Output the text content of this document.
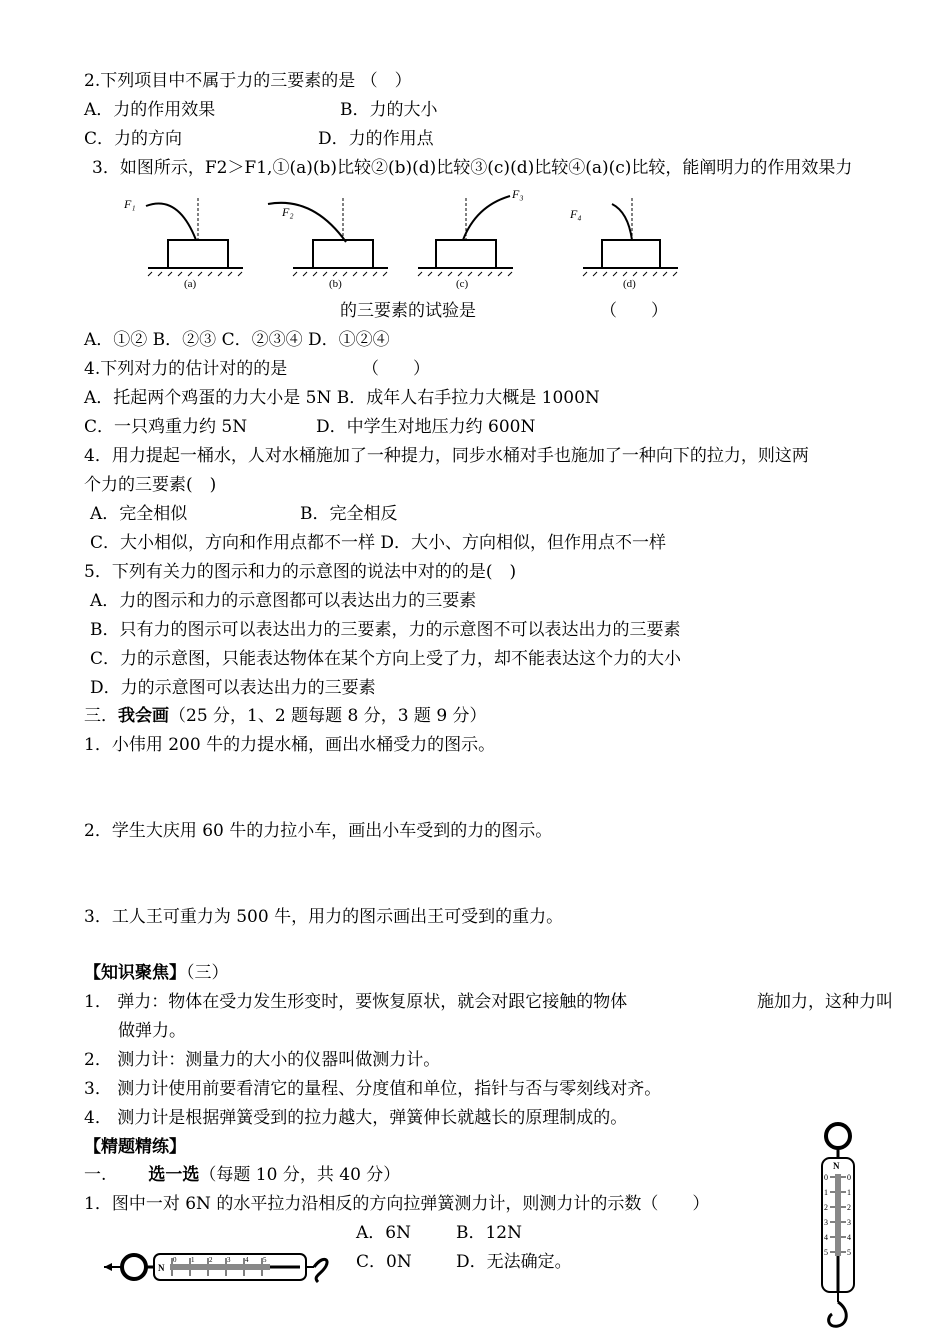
2.下列项目中不属于力的三要素的是 （　）
A．力的作用效果	B．力的大小
C．力的方向	D．力的作用点
3．如图所示，F2＞F1,①(a)(b)比较②(b)(d)比较③(c)(d)比较④(a)(c)比较，能阐明力的作用效果力
F₁
(a)
F₂
(b)
F₃
(c)
F₄
(d)
的三要素的试验是	（　　）
A．①② B．②③ C．②③④ D．①②④
4.下列对力的估计对的的是	（　　）
A．托起两个鸡蛋的力大小是 5N B．成年人右手拉力大概是 1000N
C．一只鸡重力约 5N	D．中学生对地压力约 600N
4．用力提起一桶水，人对水桶施加了一种提力，同步水桶对手也施加了一种向下的拉力，则这两
个力的三要素(　)
A．完全相似	B．完全相反
C．大小相似，方向和作用点都不一样 D．大小、方向相似，但作用点不一样
5．下列有关力的图示和力的示意图的说法中对的的是(　)
A．力的图示和力的示意图都可以表达出力的三要素
B．只有力的图示可以表达出力的三要素，力的示意图不可以表达出力的三要素
C．力的示意图，只能表达物体在某个方向上受了力，却不能表达这个力的大小
D．力的示意图可以表达出力的三要素
三．我会画（25 分，1、2 题每题 8 分，3 题 9 分）
1．小伟用 200 牛的力提水桶，画出水桶受力的图示。
2．学生大庆用 60 牛的力拉小车，画出小车受到的力的图示。
3．工人王可重力为 500 牛，用力的图示画出王可受到的重力。
【知识聚焦】（三）
1． 弹力：物体在受力发生形变时，要恢复原状，就会对跟它接触的物体	施加力，这种力叫
做弹力。
2． 测力计：测量力的大小的仪器叫做测力计。
3． 测力计使用前要看清它的量程、分度值和单位，指针与否与零刻线对齐。
4． 测力计是根据弹簧受到的拉力越大，弹簧伸长就越长的原理制成的。
【精题精练】
一. 选一选（每题 10 分，共 40 分）
1．图中一对 6N 的水平拉力沿相反的方向拉弹簧测力计，则测力计的示数（　　）
A．6N	B．12N
C．0N	D．无法确定。
N
0 1 2 3 4 5
N
0
1
2
3
4
5
0
1
2
3
4
5
